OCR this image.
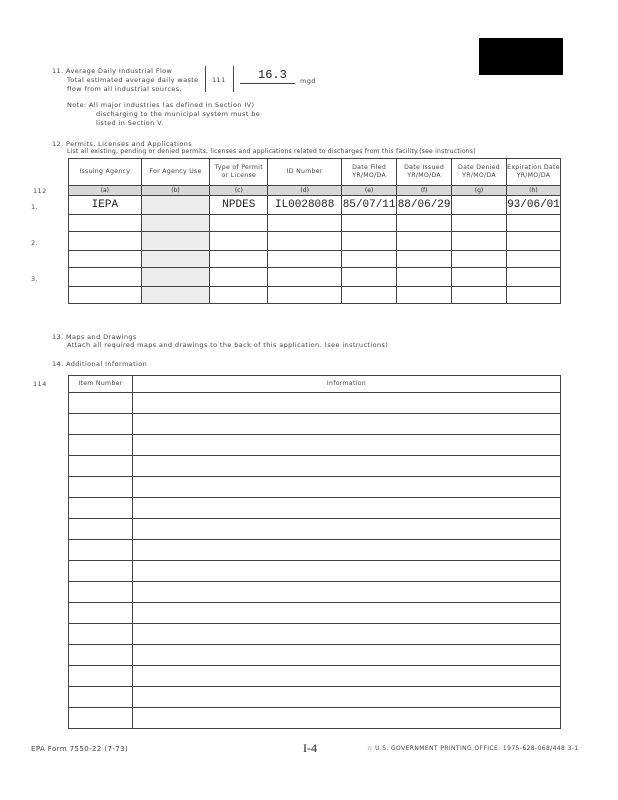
11. Average Daily Industrial Flow
Total estimated average daily waste
flow from all industrial sources.
111	16.3 mgd
Note: All major industries (as defined in Section IV)
discharging to the municipal system must be
listed in Section V.
12. Permits, Licenses and Applications
List all existing, pending or denied permits, licenses and applications related to discharges from this facility.(see instructions)
112
1.
2.
3.
Issuing Agency	For Agency Use	Type of Permit or License	ID Number	Date Filed YR/MO/DA	Date Issued YR/MO/DA	Date Denied YR/MO/DA	Expiration Date YR/MO/DA
(a)	(b)	(c)	(d)	(e)	(f)	(g)	(h)
IEPA		NPDES	IL0028088	85/07/11	88/06/29		93/06/01

13. Maps and Drawings
Attach all required maps and drawings to the back of this application. (see instructions)
14. Additional Information
114	Item Number	Information

EPA Form 7550-22 (7-73)	I-4	☆ U.S. GOVERNMENT PRINTING OFFICE: 1975-628-068/448 3-1
